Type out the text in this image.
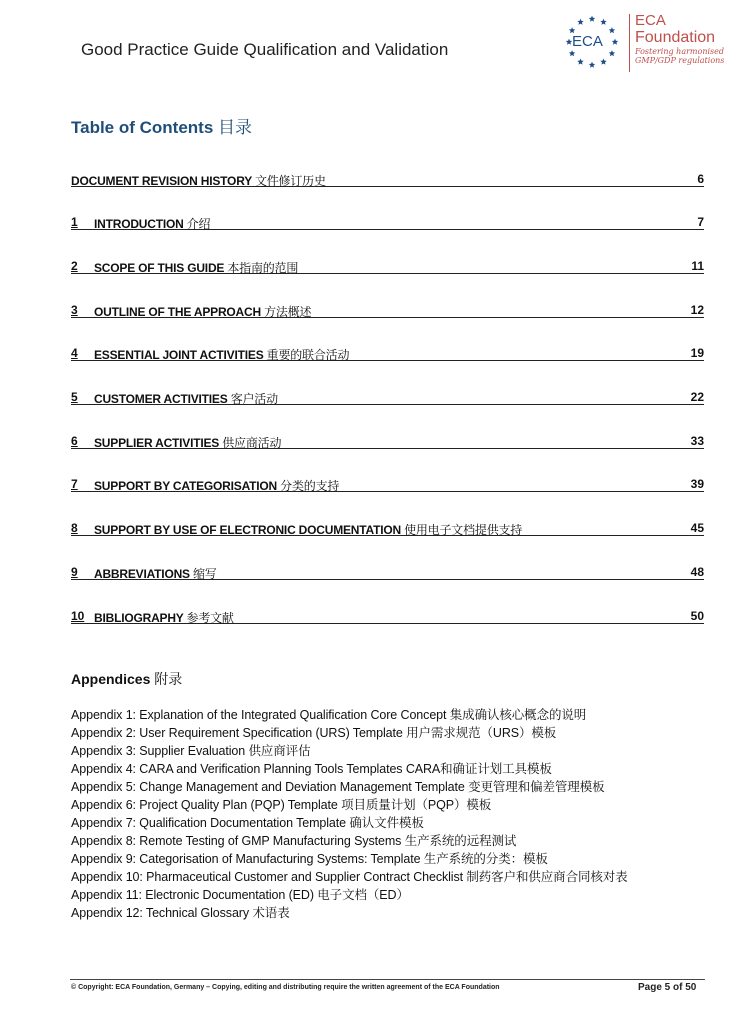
Good Practice Guide Qualification and Validation	ECA
ECA
Foundation
Fostering harmonised GMP/GDP regulations
Table of Contents 目录
DOCUMENT REVISION HISTORY 文件修订历史	6
1 INTRODUCTION 介绍	7
2 SCOPE OF THIS GUIDE 本指南的范围	11
3 OUTLINE OF THE APPROACH 方法概述	12
4 ESSENTIAL JOINT ACTIVITIES 重要的联合活动	19
5 CUSTOMER ACTIVITIES 客户活动	22
6 SUPPLIER ACTIVITIES 供应商活动	33
7 SUPPORT BY CATEGORISATION 分类的支持	39
8 SUPPORT BY USE OF ELECTRONIC DOCUMENTATION 使用电子文档提供支持	45
9 ABBREVIATIONS 缩写	48
10 BIBLIOGRAPHY 参考文献	50
Appendices 附录
Appendix 1: Explanation of the Integrated Qualification Core Concept 集成确认核心概念的说明
Appendix 2: User Requirement Specification (URS) Template 用户需求规范（URS）模板
Appendix 3: Supplier Evaluation 供应商评估
Appendix 4: CARA and Verification Planning Tools Templates CARA和确证计划工具模板
Appendix 5: Change Management and Deviation Management Template 变更管理和偏差管理模板
Appendix 6: Project Quality Plan (PQP) Template 项目质量计划（PQP）模板
Appendix 7: Qualification Documentation Template 确认文件模板
Appendix 8: Remote Testing of GMP Manufacturing Systems 生产系统的远程测试
Appendix 9: Categorisation of Manufacturing Systems: Template 生产系统的分类：模板
Appendix 10: Pharmaceutical Customer and Supplier Contract Checklist 制药客户和供应商合同核对表
Appendix 11: Electronic Documentation (ED) 电子文档（ED）
Appendix 12: Technical Glossary 术语表
© Copyright: ECA Foundation, Germany – Copying, editing and distributing require the written agreement of the ECA Foundation	Page 5 of 50
